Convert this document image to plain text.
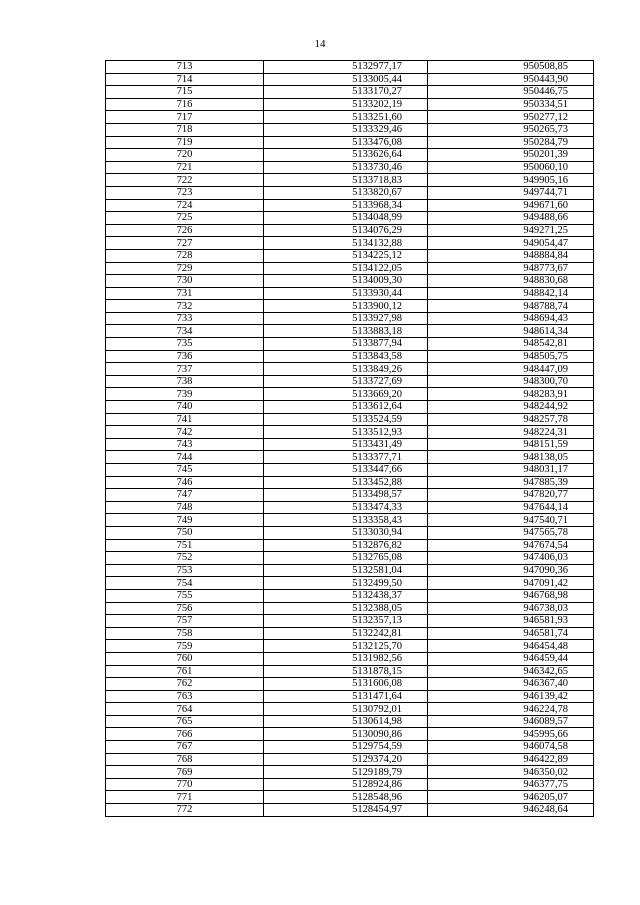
14
713	5132977,17	950508,85
714	5133005,44	950443,90
715	5133170,27	950446,75
716	5133202,19	950334,51
717	5133251,60	950277,12
718	5133329,46	950265,73
719	5133476,08	950284,79
720	5133626,64	950201,39
721	5133730,46	950060,10
722	5133718,83	949905,16
723	5133820,67	949744,71
724	5133968,34	949671,60
725	5134048,99	949488,66
726	5134076,29	949271,25
727	5134132,88	949054,47
728	5134225,12	948884,84
729	5134122,05	948773,67
730	5134009,30	948830,68
731	5133930,44	948842,14
732	5133900,12	948788,74
733	5133927,98	948694,43
734	5133883,18	948614,34
735	5133877,94	948542,81
736	5133843,58	948505,75
737	5133849,26	948447,09
738	5133727,69	948300,70
739	5133669,20	948283,91
740	5133612,64	948244,92
741	5133524,59	948257,78
742	5133512,93	948224,31
743	5133431,49	948151,59
744	5133377,71	948138,05
745	5133447,66	948031,17
746	5133452,88	947885,39
747	5133498,57	947820,77
748	5133474,33	947644,14
749	5133358,43	947540,71
750	5133030,94	947565,78
751	5132876,82	947674,54
752	5132765,08	947406,03
753	5132581,04	947090,36
754	5132499,50	947091,42
755	5132438,37	946768,98
756	5132388,05	946738,03
757	5132357,13	946581,93
758	5132242,81	946581,74
759	5132125,70	946454,48
760	5131982,56	946459,44
761	5131878,15	946342,65
762	5131606,08	946367,40
763	5131471,64	946139,42
764	5130792,01	946224,78
765	5130614,98	946089,57
766	5130090,86	945995,66
767	5129754,59	946074,58
768	5129374,20	946422,89
769	5129189,79	946350,02
770	5128924,86	946377,75
771	5128548,96	946205,07
772	5128454,97	946248,64
